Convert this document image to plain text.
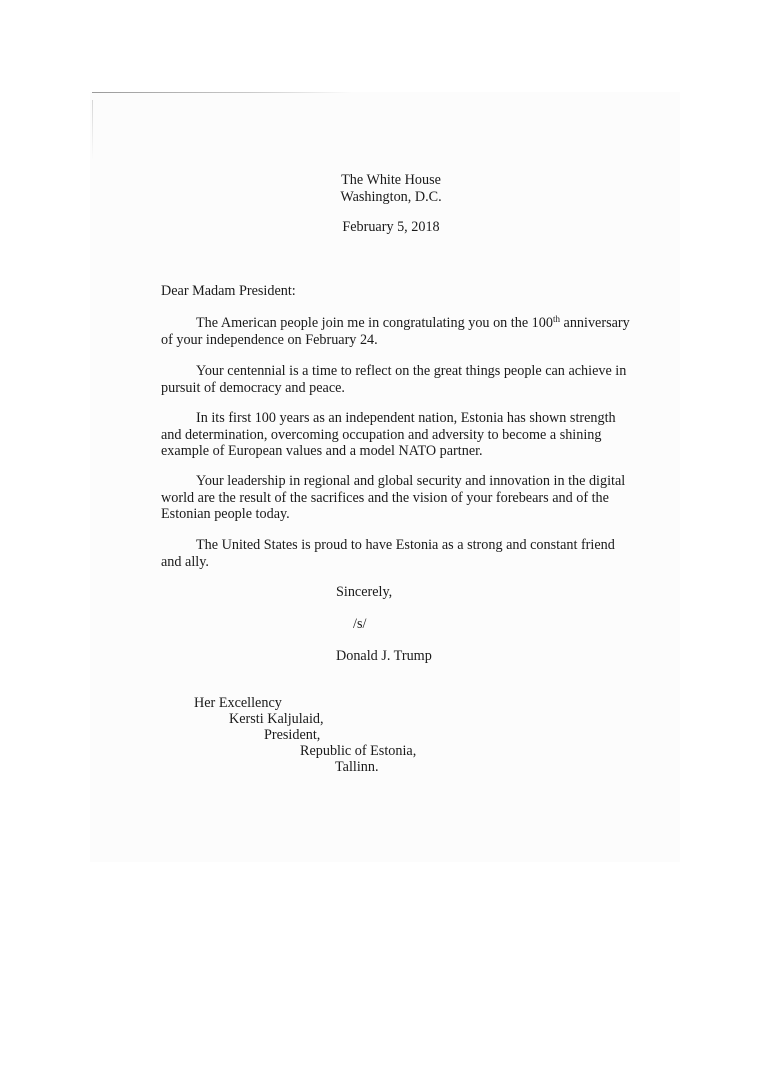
The White House
Washington, D.C.
February 5, 2018
Dear Madam President:
The American people join me in congratulating you on the 100th anniversary
of your independence on February 24.
Your centennial is a time to reflect on the great things people can achieve in
pursuit of democracy and peace.
In its first 100 years as an independent nation, Estonia has shown strength
and determination, overcoming occupation and adversity to become a shining
example of European values and a model NATO partner.
Your leadership in regional and global security and innovation in the digital
world are the result of the sacrifices and the vision of your forebears and of the
Estonian people today.
The United States is proud to have Estonia as a strong and constant friend
and ally.
Sincerely,
/s/
Donald J. Trump
Her Excellency
Kersti Kaljulaid,
President,
Republic of Estonia,
Tallinn.
